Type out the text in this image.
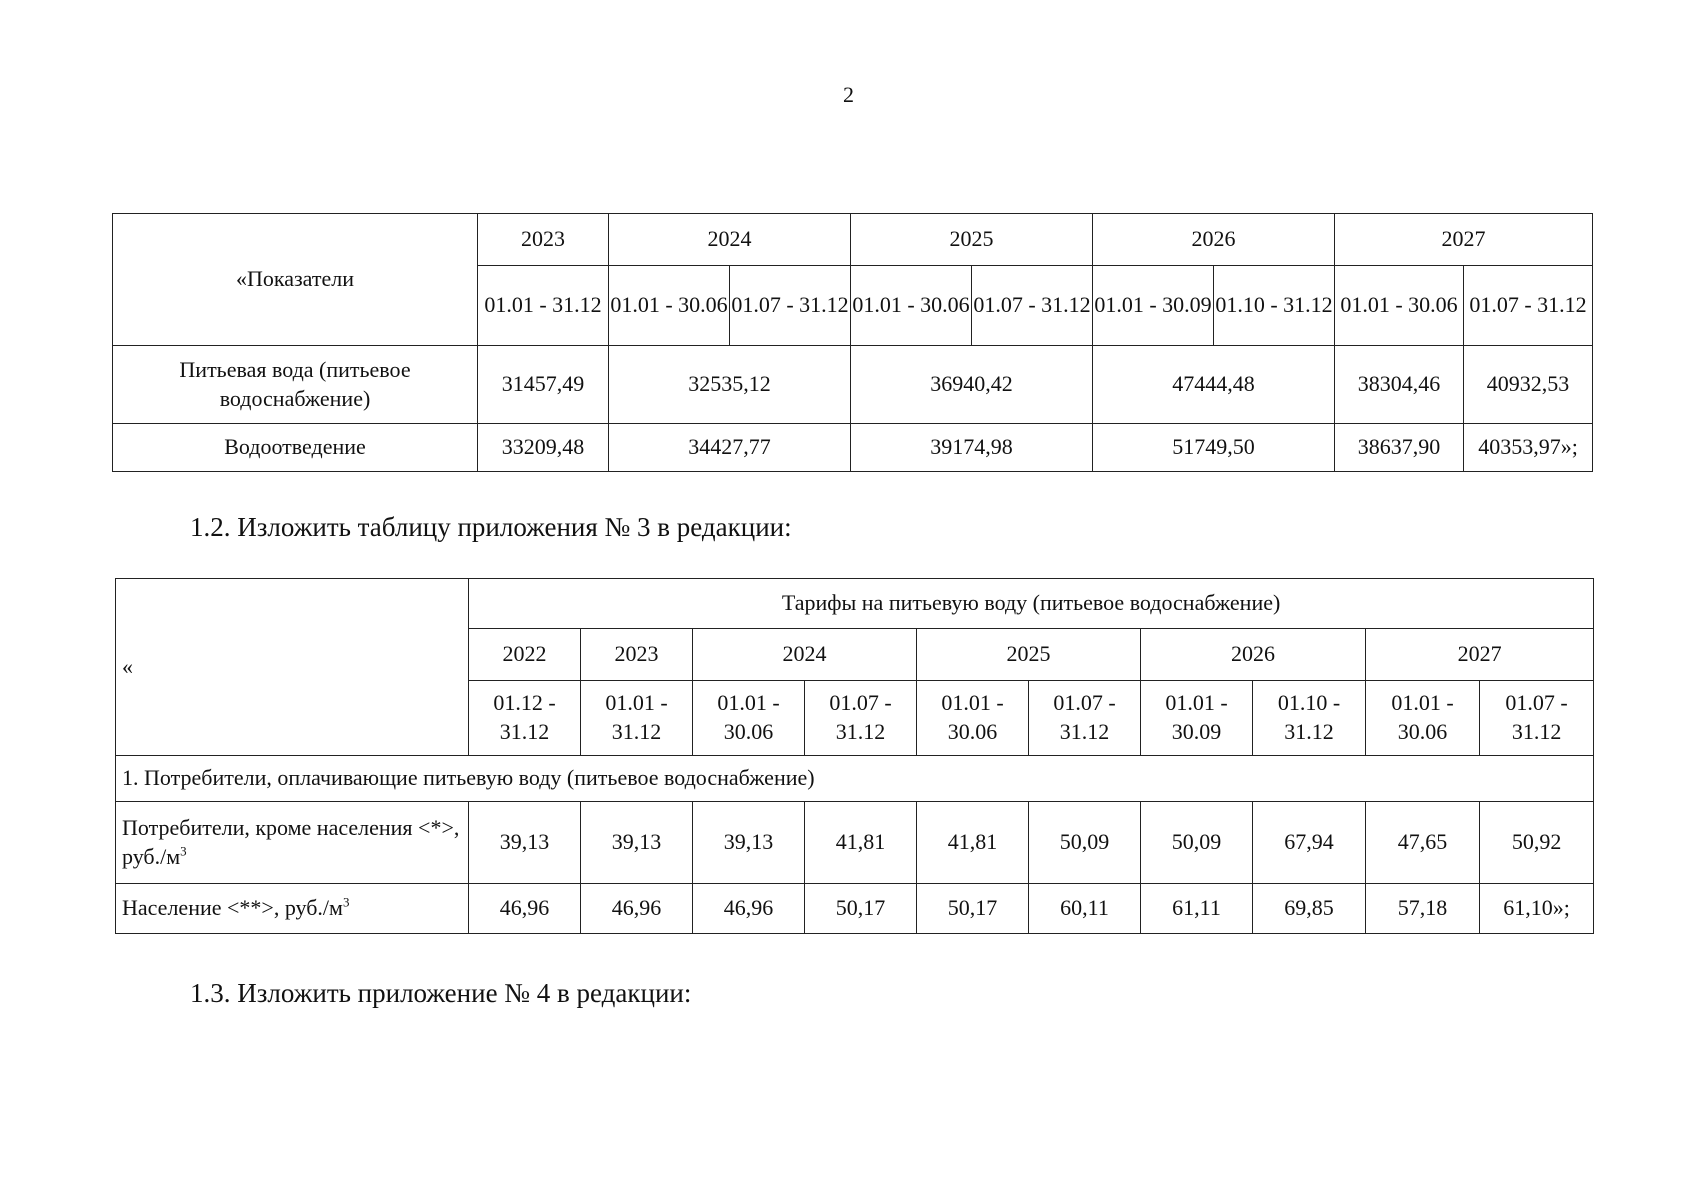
2
«Показатели	2023	2024		2025		2026		2027	
	01.01 - 31.12	01.01 - 30.06	01.07 - 31.12	01.01 - 30.06	01.07 - 31.12	01.01 - 30.09	01.10 - 31.12	01.01 - 30.06	01.07 - 31.12
Питьевая вода (питьевое водоснабжение)	31457,49	32535,12		36940,42		47444,48		38304,46	40932,53
Водоотведение	33209,48	34427,77		39174,98		51749,50		38637,90	40353,97»;
1.2. Изложить таблицу приложения № 3 в редакции:
«	Тарифы на питьевую воду (питьевое водоснабжение)									
	2022	2023	2024		2025		2026		2027	
	01.12 - 31.12	01.01 - 31.12	01.01 - 30.06	01.07 - 31.12	01.01 - 30.06	01.07 - 31.12	01.01 - 30.09	01.10 - 31.12	01.01 - 30.06	01.07 - 31.12
1. Потребители, оплачивающие питьевую воду (питьевое водоснабжение)										
Потребители, кроме населения <*>, $руб./м^3$	39,13	39,13	39,13	41,81	41,81	50,09	50,09	67,94	47,65	50,92
Население <**>, $руб./м^3$	46,96	46,96	46,96	50,17	50,17	60,11	61,11	69,85	57,18	61,10»;
1.3. Изложить приложение № 4 в редакции:
